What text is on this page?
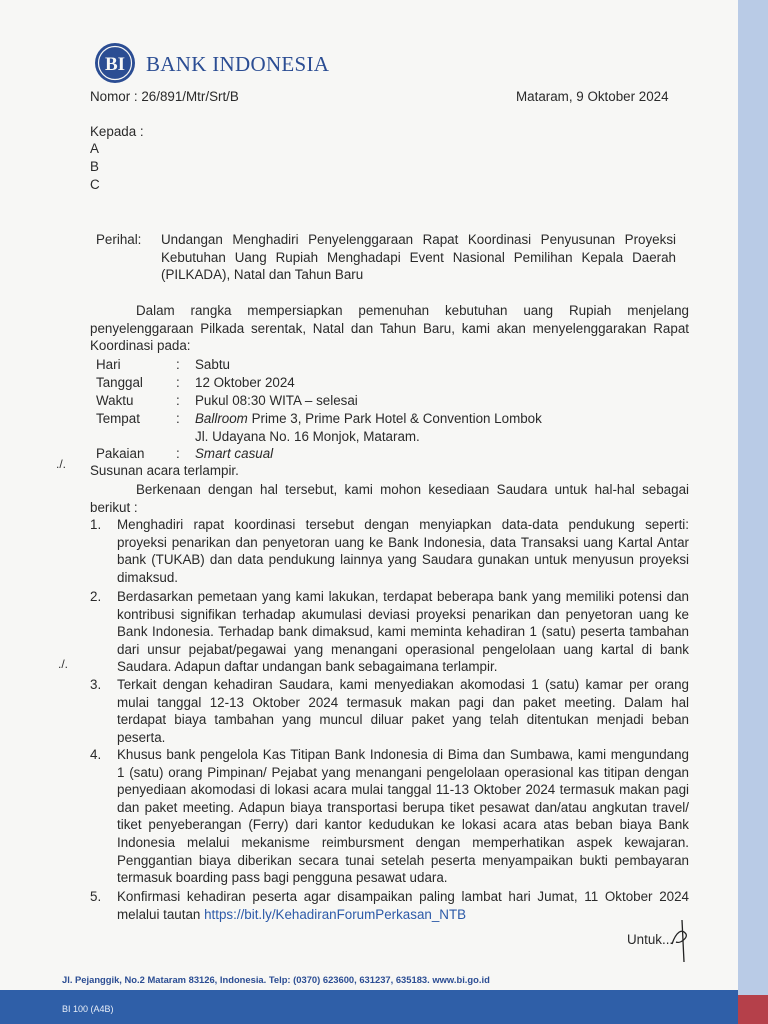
BI BANK INDONESIA
Nomor : 26/891/Mtr/Srt/B	Mataram, 9 Oktober 2024
Kepada :
A
B
C
Perihal: Undangan Menghadiri Penyelenggaraan Rapat Koordinasi Penyusunan Proyeksi
Kebutuhan Uang Rupiah Menghadapi Event Nasional Pemilihan Kepala Daerah
(PILKADA), Natal dan Tahun Baru
Dalam rangka mempersiapkan pemenuhan kebutuhan uang Rupiah menjelang
penyelenggaraan Pilkada serentak, Natal dan Tahun Baru, kami akan menyelenggarakan Rapat
Koordinasi pada:
Hari	: Sabtu
Tanggal : 12 Oktober 2024
Waktu	: Pukul 08:30 WITA – selesai
Tempat	: Ballroom Prime 3, Prime Park Hotel & Convention Lombok
Jl. Udayana No. 16 Monjok, Mataram.
Pakaian : Smart casual
./. Susunan acara terlampir.
Berkenaan dengan hal tersebut, kami mohon kesediaan Saudara untuk hal-hal sebagai
berikut :
1. Menghadiri rapat koordinasi tersebut dengan menyiapkan data-data pendukung seperti:
proyeksi penarikan dan penyetoran uang ke Bank Indonesia, data Transaksi uang Kartal Antar
bank (TUKAB) dan data pendukung lainnya yang Saudara gunakan untuk menyusun proyeksi
dimaksud.
2. Berdasarkan pemetaan yang kami lakukan, terdapat beberapa bank yang memiliki potensi dan
kontribusi signifikan terhadap akumulasi deviasi proyeksi penarikan dan penyetoran uang ke
Bank Indonesia. Terhadap bank dimaksud, kami meminta kehadiran 1 (satu) peserta tambahan
dari unsur pejabat/pegawai yang menangani operasional pengelolaan uang kartal di bank
Saudara. Adapun daftar undangan bank sebagaimana terlampir.
./.
3. Terkait dengan kehadiran Saudara, kami menyediakan akomodasi 1 (satu) kamar per orang
mulai tanggal 12-13 Oktober 2024 termasuk makan pagi dan paket meeting. Dalam hal
terdapat biaya tambahan yang muncul diluar paket yang telah ditentukan menjadi beban
peserta.
4. Khusus bank pengelola Kas Titipan Bank Indonesia di Bima dan Sumbawa, kami mengundang
1 (satu) orang Pimpinan/ Pejabat yang menangani pengelolaan operasional kas titipan dengan
penyediaan akomodasi di lokasi acara mulai tanggal 11-13 Oktober 2024 termasuk makan pagi
dan paket meeting. Adapun biaya transportasi berupa tiket pesawat dan/atau angkutan travel/
tiket penyeberangan (Ferry) dari kantor kedudukan ke lokasi acara atas beban biaya Bank
Indonesia melalui mekanisme reimbursment dengan memperhatikan aspek kewajaran.
Penggantian biaya diberikan secara tunai setelah peserta menyampaikan bukti pembayaran
termasuk boarding pass bagi pengguna pesawat udara.
5. Konfirmasi kehadiran peserta agar disampaikan paling lambat hari Jumat, 11 Oktober 2024
melalui tautan https://bit.ly/KehadiranForumPerkasan_NTB
Untuk...
Jl. Pejanggik, No.2 Mataram 83126, Indonesia. Telp: (0370) 623600, 631237, 635183. www.bi.go.id
BI 100 (A4B)
